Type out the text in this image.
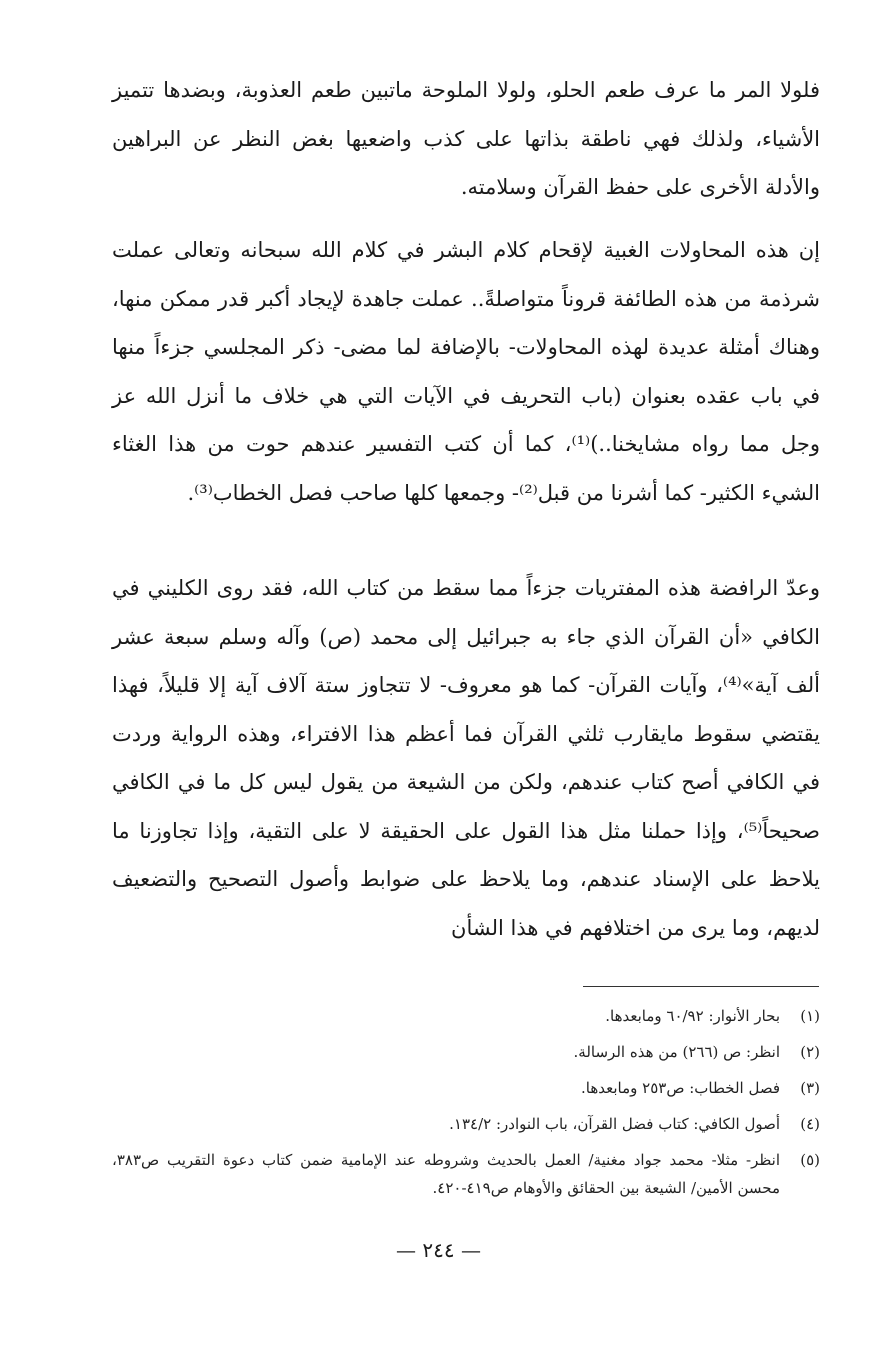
فلولا المر ما عرف طعم الحلو، ولولا الملوحة ماتبين طعم العذوبة، وبضدها تتميز الأشياء، ولذلك فهي ناطقة بذاتها على كذب واضعيها بغض النظر عن البراهين والأدلة الأخرى على حفظ القرآن وسلامته.

إن هذه المحاولات الغبية لإقحام كلام البشر في كلام الله سبحانه وتعالى عملت شرذمة من هذه الطائفة قروناً متواصلةً.. عملت جاهدة لإيجاد أكبر قدر ممكن منها، وهناك أمثلة عديدة لهذه المحاولات- بالإضافة لما مضى- ذكر المجلسي جزءاً منها في باب عقده بعنوان (باب التحريف في الآيات التي هي خلاف ما أنزل الله عز وجل مما رواه مشايخنا..)⁽¹⁾، كما أن كتب التفسير عندهم حوت من هذا الغثاء الشيء الكثير- كما أشرنا من قبل⁽²⁾- وجمعها كلها صاحب فصل الخطاب⁽³⁾.

وعدّ الرافضة هذه المفتريات جزءاً مما سقط من كتاب الله، فقد روى الكليني في الكافي «أن القرآن الذي جاء به جبرائيل إلى محمد (ص) وآله وسلم سبعة عشر ألف آية»⁽⁴⁾، وآيات القرآن- كما هو معروف- لا تتجاوز ستة آلاف آية إلا قليلاً، فهذا يقتضي سقوط مايقارب ثلثي القرآن فما أعظم هذا الافتراء، وهذه الرواية وردت في الكافي أصح كتاب عندهم، ولكن من الشيعة من يقول ليس كل ما في الكافي صحيحاً⁽⁵⁾، وإذا حملنا مثل هذا القول على الحقيقة لا على التقية، وإذا تجاوزنا ما يلاحظ على الإسناد عندهم، وما يلاحظ على ضوابط وأصول التصحيح والتضعيف لديهم، وما يرى من اختلافهم في هذا الشأن

(١)
بحار الأنوار: ٦٠/٩٢ ومابعدها.
(٢)
انظر: ص (٢٦٦) من هذه الرسالة.
(٣)
فصل الخطاب: ص٢٥٣ ومابعدها.
(٤)
أصول الكافي: كتاب فضل القرآن، باب النوادر: ١٣٤/٢.
(٥)
انظر- مثلا- محمد جواد مغنية/ العمل بالحديث وشروطه عند الإمامية ضمن كتاب دعوة التقريب ص٣٨٣، محسن الأمين/ الشيعة بين الحقائق والأوهام ص٤١٩-٤٢٠.
— ٢٤٤ —
